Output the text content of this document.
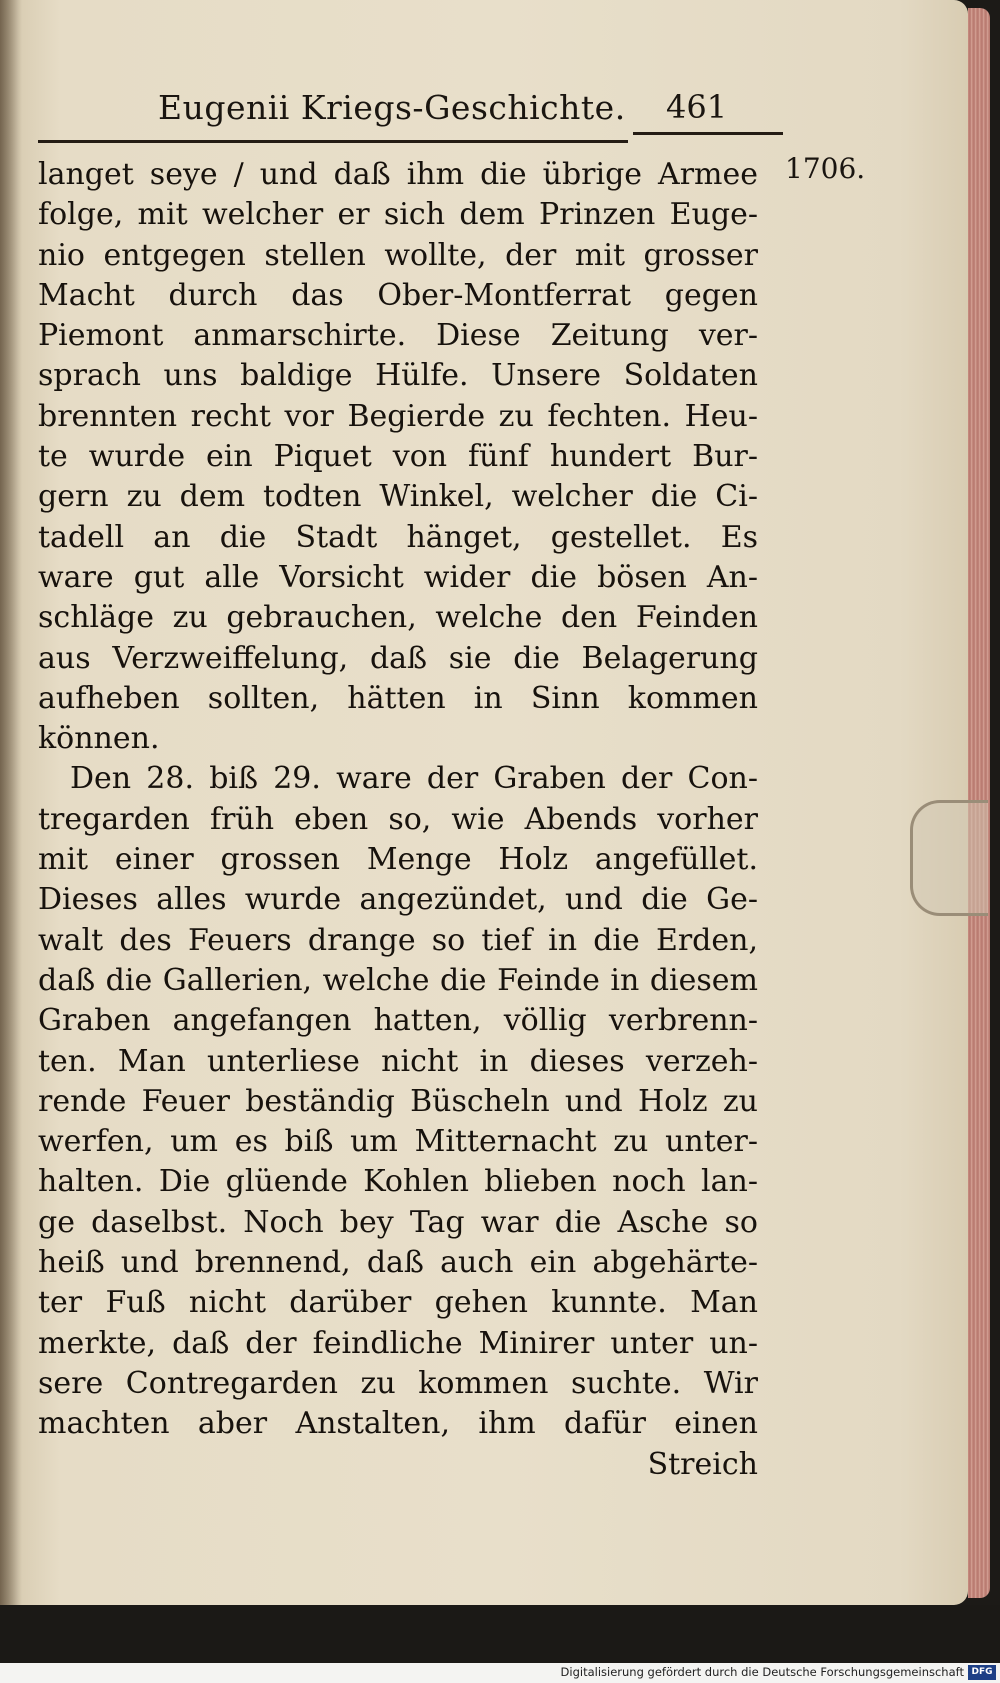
Eugenii Kriegs-Geschichte. 461
1706.
langet seye / und daß ihm die übrige Armee
folge, mit welcher er sich dem Prinzen Euge-
nio entgegen stellen wollte, der mit grosser
Macht durch das Ober-Montferrat gegen
Piemont anmarschirte. Diese Zeitung ver-
sprach uns baldige Hülfe. Unsere Soldaten
brennten recht vor Begierde zu fechten. Heu-
te wurde ein Piquet von fünf hundert Bur-
gern zu dem todten Winkel, welcher die Ci-
tadell an die Stadt hänget, gestellet. Es
ware gut alle Vorsicht wider die bösen An-
schläge zu gebrauchen, welche den Feinden
aus Verzweiffelung, daß sie die Belagerung
aufheben sollten, hätten in Sinn kommen
können.
Den 28. biß 29. ware der Graben der Con-
tregarden früh eben so, wie Abends vorher
mit einer grossen Menge Holz angefüllet.
Dieses alles wurde angezündet, und die Ge-
walt des Feuers drange so tief in die Erden,
daß die Gallerien, welche die Feinde in diesem
Graben angefangen hatten, völlig verbrenn-
ten. Man unterliese nicht in dieses verzeh-
rende Feuer beständig Büscheln und Holz zu
werfen, um es biß um Mitternacht zu unter-
halten. Die glüende Kohlen blieben noch lan-
ge daselbst. Noch bey Tag war die Asche so
heiß und brennend, daß auch ein abgehärte-
ter Fuß nicht darüber gehen kunnte. Man
merkte, daß der feindliche Minirer unter un-
sere Contregarden zu kommen suchte. Wir
machten aber Anstalten, ihm dafür einen
Streich
Digitalisierung gefördert durch die Deutsche Forschungsgemeinschaft DFG
